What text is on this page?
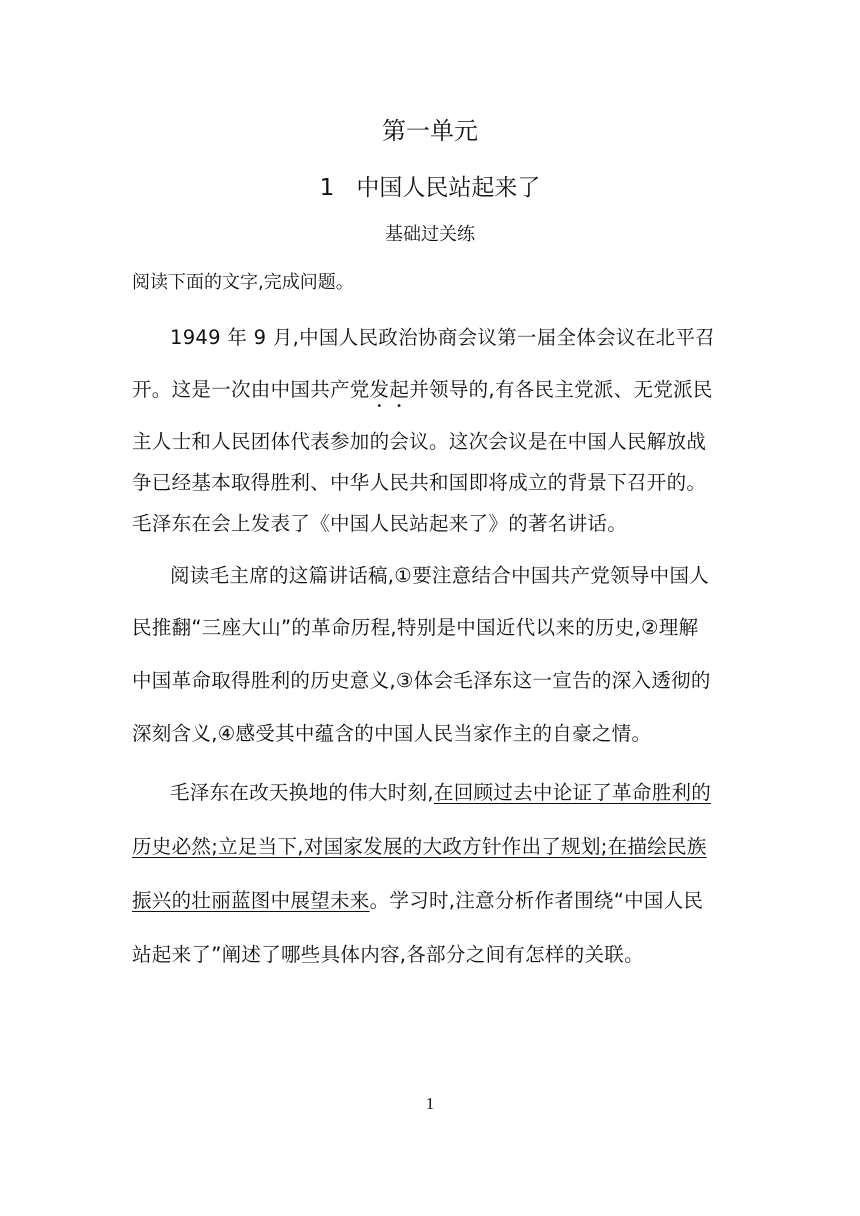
第一单元
1 中国人民站起来了
基础过关练
阅读下面的文字,完成问题。
1949 年 9 月,中国人民政治协商会议第一届全体会议在北平召
开。这是一次由中国共产党发起并领导的,有各民主党派、无党派民
主人士和人民团体代表参加的会议。这次会议是在中国人民解放战
争已经基本取得胜利、中华人民共和国即将成立的背景下召开的。
毛泽东在会上发表了《中国人民站起来了》的著名讲话。
阅读毛主席的这篇讲话稿,①要注意结合中国共产党领导中国人
民推翻“三座大山”的革命历程,特别是中国近代以来的历史,②理解
中国革命取得胜利的历史意义,③体会毛泽东这一宣告的深入透彻的
深刻含义,④感受其中蕴含的中国人民当家作主的自豪之情。
毛泽东在改天换地的伟大时刻,在回顾过去中论证了革命胜利的
历史必然;立足当下,对国家发展的大政方针作出了规划;在描绘民族
振兴的壮丽蓝图中展望未来。学习时,注意分析作者围绕“中国人民
站起来了”阐述了哪些具体内容,各部分之间有怎样的关联。
1
